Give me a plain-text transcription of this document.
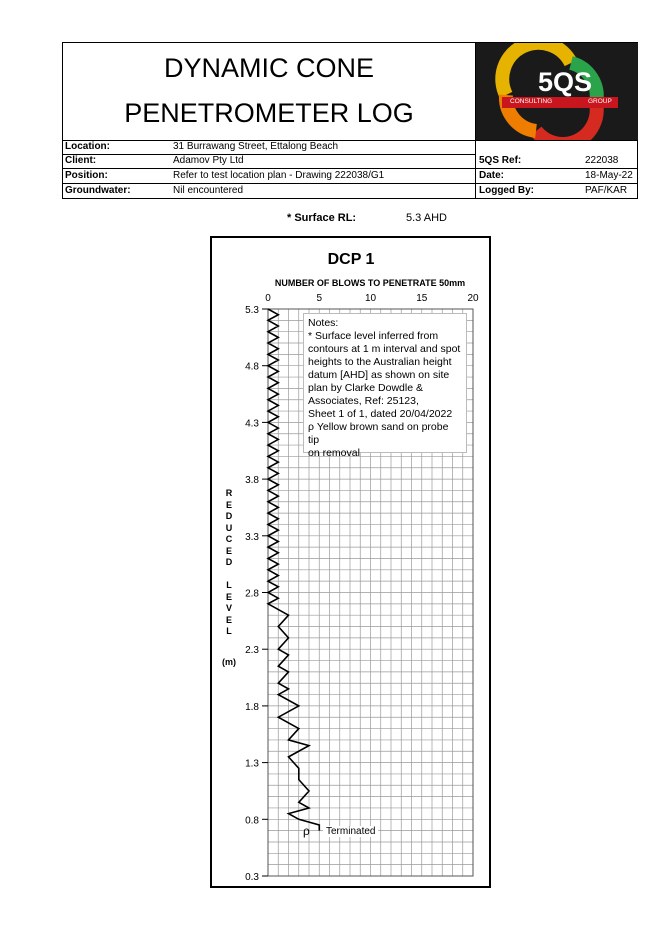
DYNAMIC CONE
PENETROMETER LOG
5QS
CONSULTING	GROUP
Location:	31 Burrawang Street, Ettalong Beach
Client:	Adamov Pty Ltd	5QS Ref:	222038
Position:	Refer to test location plan - Drawing 222038/G1	Date:	18-May-22
Groundwater:	Nil encountered	Logged By:	PAF/KAR
* Surface RL:	5.3 AHD
DCP 1
NUMBER OF BLOWS TO PENETRATE 50mm
0	5	10	15	20
5.3
4.8
4.3
3.8
3.3
2.8
2.3
1.8
1.3
0.8
0.3
R
E
D
U
C
E
D

L
E
V
E
L

(m)
Notes:
* Surface level inferred from
contours at 1 m interval and spot
heights to the Australian height
datum [AHD] as shown on site
plan by Clarke Dowdle &
Associates, Ref: 25123,
Sheet 1 of 1, dated 20/04/2022
ρ Yellow brown sand on probe tip
on removal
ρ	Terminated
